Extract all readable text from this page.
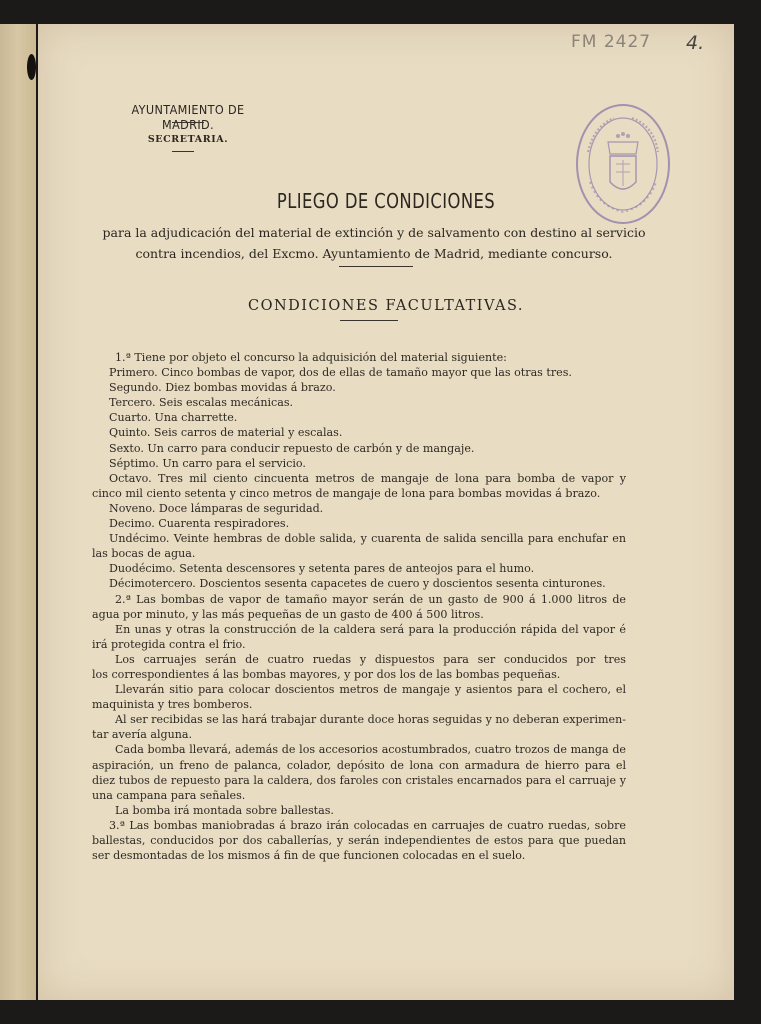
FM 2427 4.
AYUNTAMIENTO DE MADRID.
SECRETARIA.
PLIEGO DE CONDICIONES
para la adjudicación del material de extinción y de salvamento con destino al servicio
contra incendios, del Excmo. Ayuntamiento de Madrid, mediante concurso.
CONDICIONES FACULTATIVAS.
1.ª Tiene por objeto el concurso la adquisición del material siguiente:
Primero. Cinco bombas de vapor, dos de ellas de tamaño mayor que las otras tres.
Segundo. Diez bombas movidas á brazo.
Tercero. Seis escalas mecánicas.
Cuarto. Una charrette.
Quinto. Seis carros de material y escalas.
Sexto. Un carro para conducir repuesto de carbón y de mangaje.
Séptimo. Un carro para el servicio.
Octavo. Tres mil ciento cincuenta metros de mangaje de lona para bomba de vapor y
cinco mil ciento setenta y cinco metros de mangaje de lona para bombas movidas á brazo.
Noveno. Doce lámparas de seguridad.
Decimo. Cuarenta respiradores.
Undécimo. Veinte hembras de doble salida, y cuarenta de salida sencilla para enchufar en
las bocas de agua.
Duodécimo. Setenta descensores y setenta pares de anteojos para el humo.
Décimotercero. Doscientos sesenta capacetes de cuero y doscientos sesenta cinturones.
2.ª Las bombas de vapor de tamaño mayor serán de un gasto de 900 á 1.000 litros de
agua por minuto, y las más pequeñas de un gasto de 400 á 500 litros.
En unas y otras la construcción de la caldera será para la producción rápida del vapor é
irá protegida contra el frio.
Los carruajes serán de cuatro ruedas y dispuestos para ser conducidos por tres
los correspondientes á las bombas mayores, y por dos los de las bombas pequeñas.
Llevarán sitio para colocar doscientos metros de mangaje y asientos para el cochero, el
maquinista y tres bomberos.
Al ser recibidas se las hará trabajar durante doce horas seguidas y no deberan experimen-
tar avería alguna.
Cada bomba llevará, además de los accesorios acostumbrados, cuatro trozos de manga de
aspiración, un freno de palanca, colador, depósito de lona con armadura de hierro para el
diez tubos de repuesto para la caldera, dos faroles con cristales encarnados para el carruaje y
una campana para señales.
La bomba irá montada sobre ballestas.
3.ª Las bombas maniobradas á brazo irán colocadas en carruajes de cuatro ruedas, sobre
ballestas, conducidos por dos caballerías, y serán independientes de estos para que puedan
ser desmontadas de los mismos á fin de que funcionen colocadas en el suelo.
